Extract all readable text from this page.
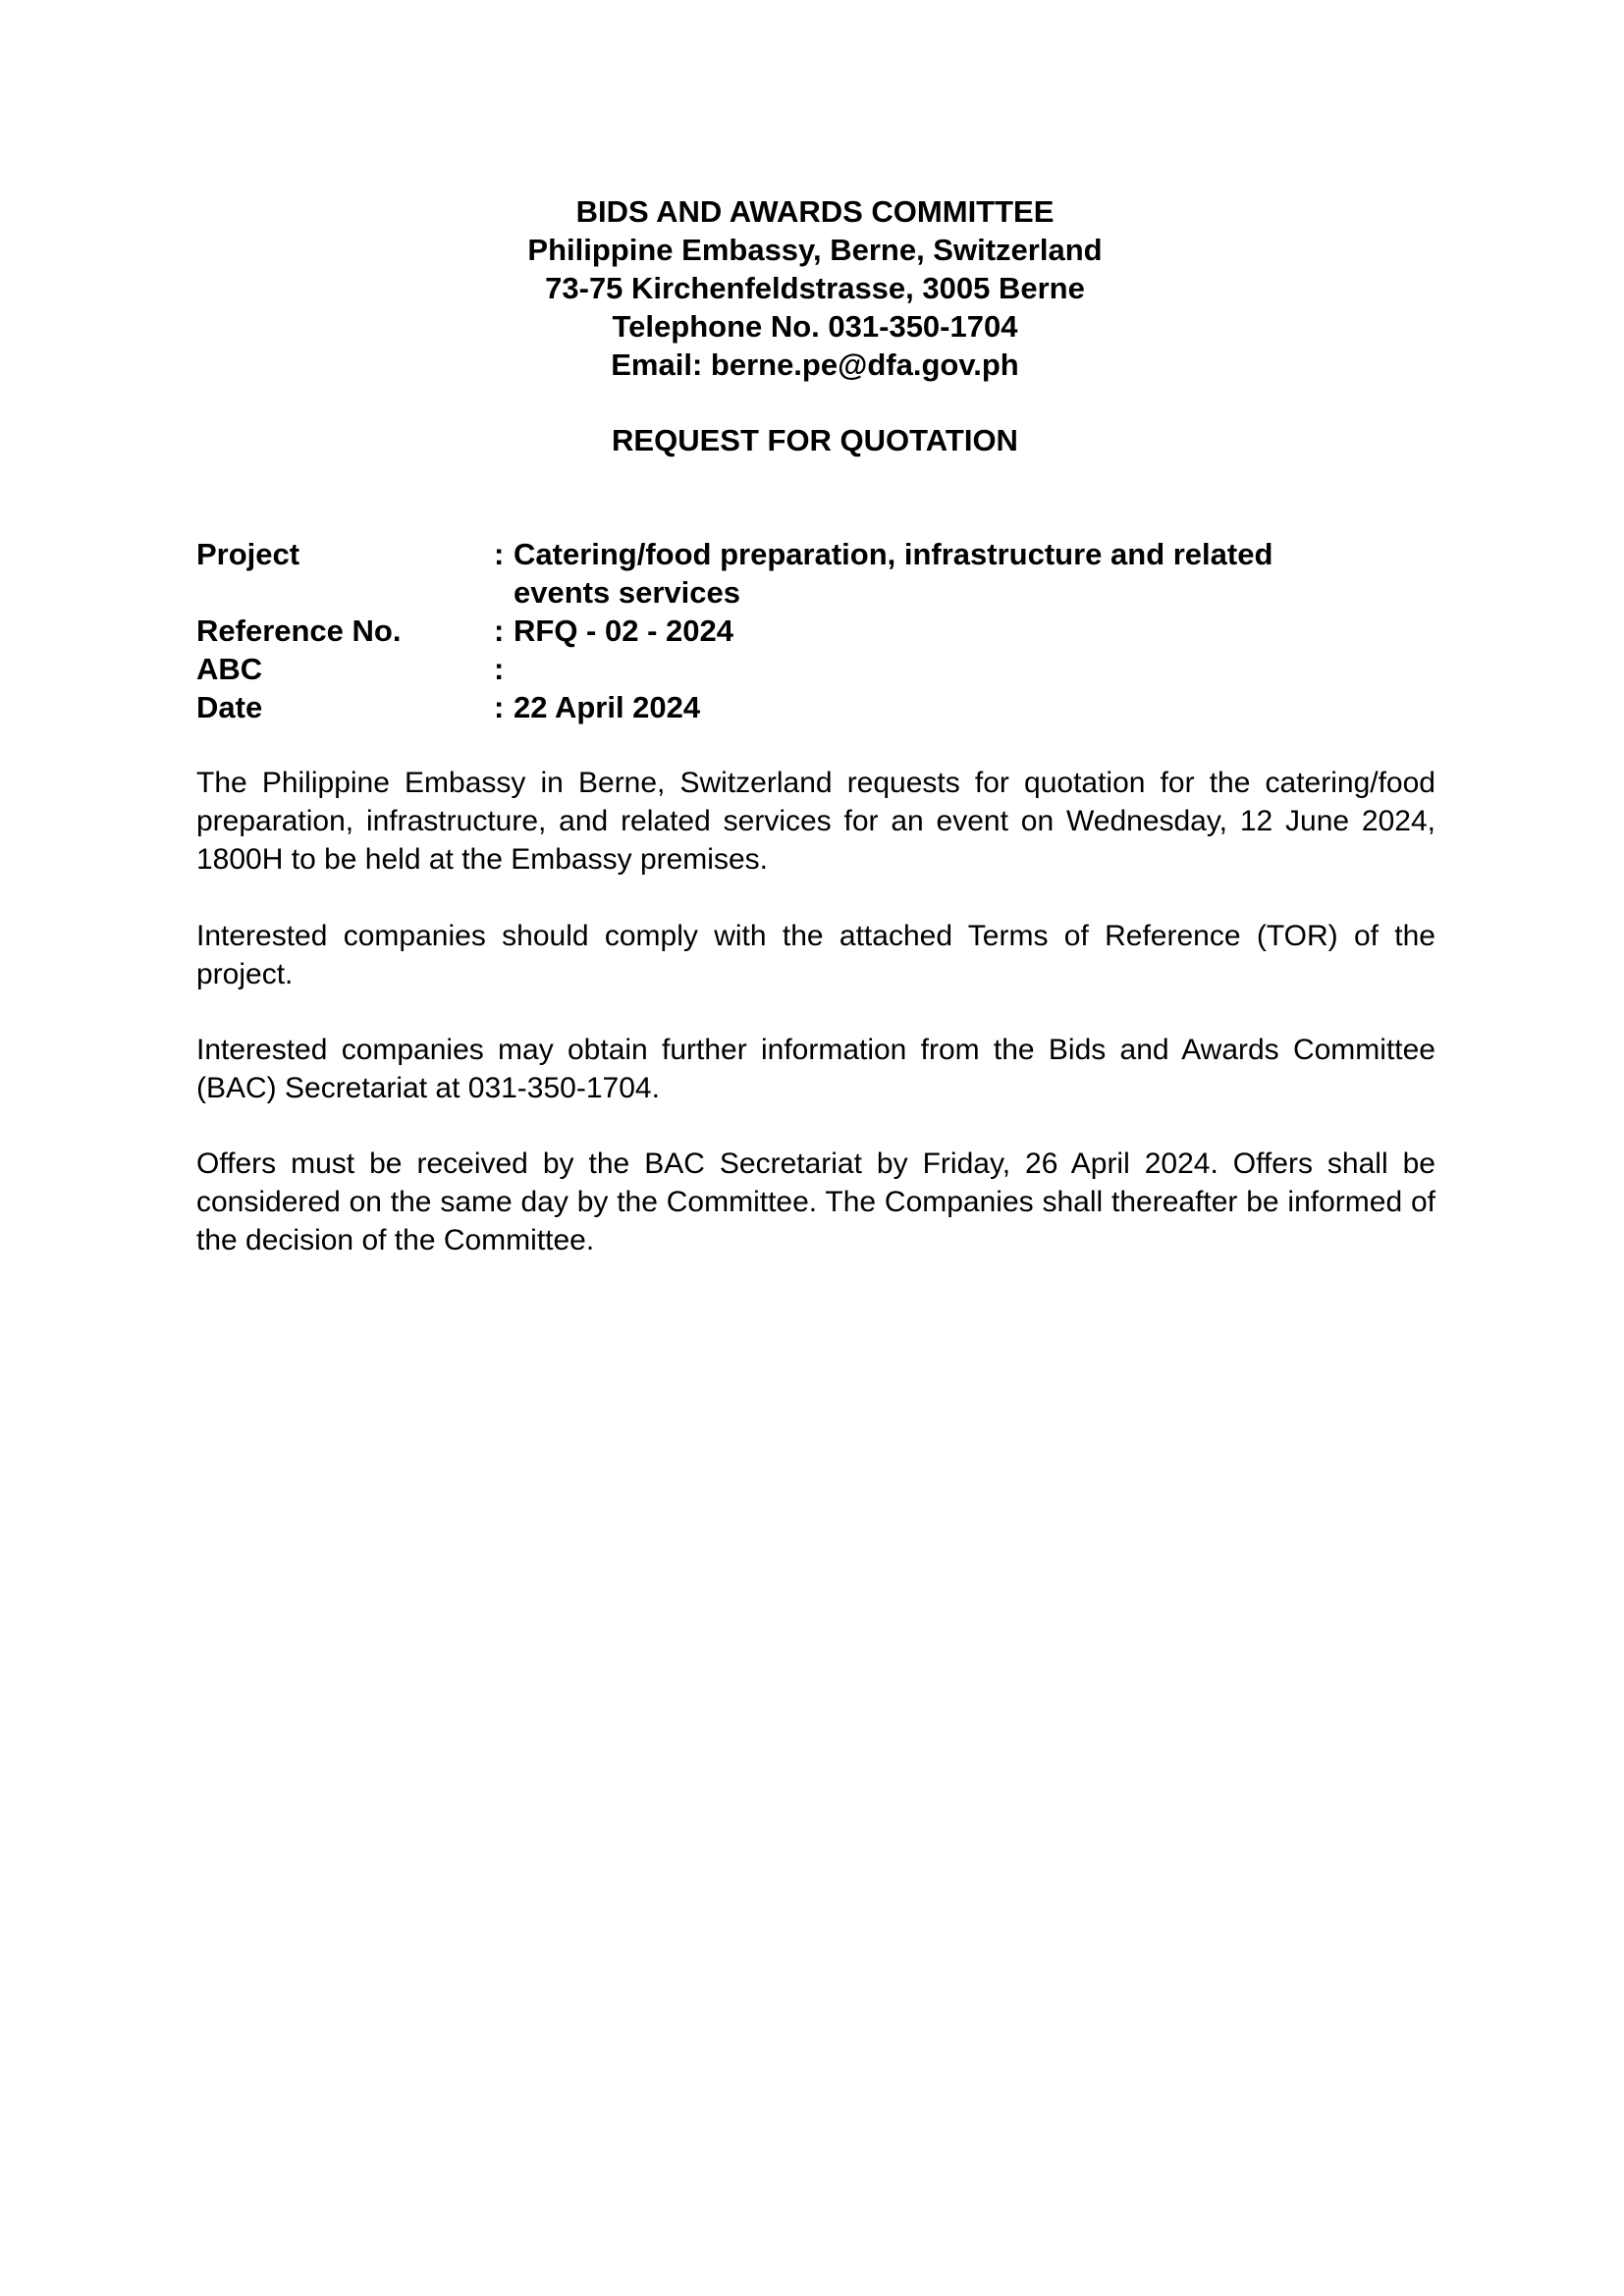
BIDS AND AWARDS COMMITTEE
Philippine Embassy, Berne, Switzerland
73-75 Kirchenfeldstrasse, 3005 Berne
Telephone No. 031-350-1704
Email: berne.pe@dfa.gov.ph
REQUEST FOR QUOTATION
Project	: Catering/food preparation, infrastructure and related events services
Reference No.	: RFQ - 02 - 2024
ABC	:
Date	: 22 April 2024

The Philippine Embassy in Berne, Switzerland requests for quotation for the catering/food preparation, infrastructure, and related services for an event on Wednesday, 12 June 2024, 1800H to be held at the Embassy premises.

Interested companies should comply with the attached Terms of Reference (TOR) of the project.

Interested companies may obtain further information from the Bids and Awards Committee (BAC) Secretariat at 031-350-1704.

Offers must be received by the BAC Secretariat by Friday, 26 April 2024. Offers shall be considered on the same day by the Committee. The Companies shall thereafter be informed of the decision of the Committee.
